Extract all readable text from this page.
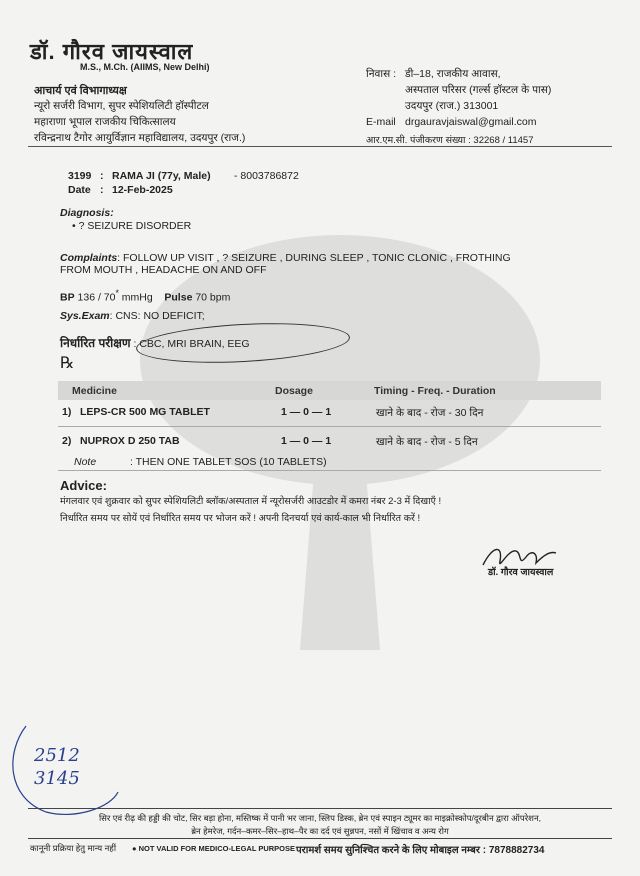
डॉ. गौरव जायस्वाल
M.S., M.Ch. (AIIMS, New Delhi)
आचार्य एवं विभागाध्यक्ष
न्यूरो सर्जरी विभाग, सुपर स्पेशियलिटी हॉस्पीटल
महाराणा भूपाल राजकीय चिकित्सालय
रविन्द्रनाथ टैगोर आयुर्विज्ञान महाविद्यालय, उदयपुर (राज.)
निवास : डी–18, राजकीय आवास,
अस्पताल परिसर (गर्ल्स हॉस्टल के पास)
उदयपुर (राज.) 313001
E-mail drgauravjaiswal@gmail.com
आर.एम.सी. पंजीकरण संख्या : 32268 / 11457
3199 : RAMA JI (77y, Male) - 8003786872
Date : 12-Feb-2025
Diagnosis:
• ? SEIZURE DISORDER
Complaints: FOLLOW UP VISIT , ? SEIZURE , DURING SLEEP , TONIC CLONIC , FROTHING
FROM MOUTH , HEADACHE ON AND OFF
BP 136 / 70* mmHg Pulse 70 bpm
Sys.Exam: CNS: NO DEFICIT;
निर्धारित परीक्षण : CBC, MRI BRAIN, EEG
℞
Medicine	Dosage	Timing - Freq. - Duration
1) LEPS-CR 500 MG TABLET	1 — 0 — 1	खाने के बाद - रोज - 30 दिन
2) NUPROX D 250 TAB	1 — 0 — 1	खाने के बाद - रोज - 5 दिन
Note	: THEN ONE TABLET SOS (10 TABLETS)
Advice:
मंगलवार एवं शुक्रवार को सुपर स्पेशियलिटी ब्लॉक/अस्पताल में न्यूरोसर्जरी आउटडोर में कमरा नंबर 2-3 में दिखाएँ !
निर्धारित समय पर सोयें एवं निर्धारित समय पर भोजन करें ! अपनी दिनचर्या एवं कार्य-काल भी निर्धारित करें !
डॉ. गौरव जायस्वाल
2512
3145
सिर एवं रीढ़ की हड्डी की चोट, सिर बड़ा होना, मस्तिष्क में पानी भर जाना, स्लिप डिस्क, ब्रेन एवं स्पाइन ट्यूमर का माइक्रोस्कोप/दूरबीन द्वारा ऑपरेशन,
ब्रेन हेमरेज, गर्दन–कमर–सिर–हाथ–पैर का दर्द एवं सुन्नपन, नसों में खिंचाव व अन्य रोग
कानूनी प्रक्रिया हेतु मान्य नहीं ● NOT VALID FOR MEDICO-LEGAL PURPOSE परामर्श समय सुनिश्चित करने के लिए मोबाइल नम्बर : 7878882734
